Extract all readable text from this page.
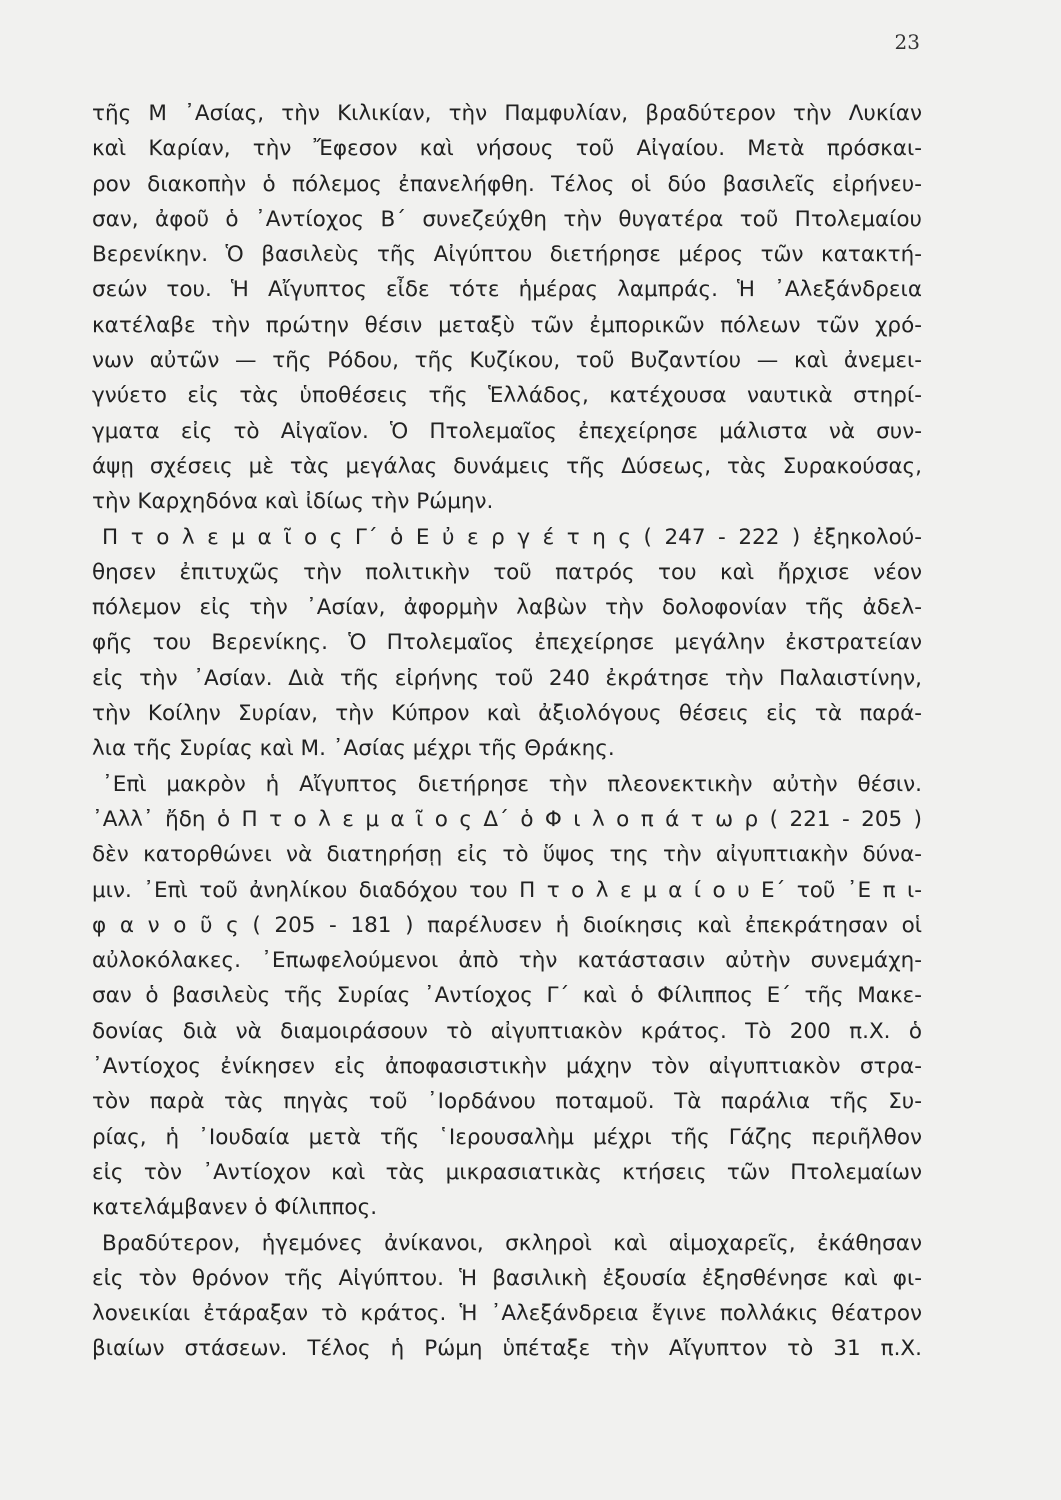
23
τῆς Μ ᾽Ασίας, τὴν Κιλικίαν, τὴν Παμφυλίαν, βραδύτερον τὴν Λυκίαν
καὶ Καρίαν, τὴν Ἔφεσον καὶ νήσους τοῦ Αἰγαίου. Μετὰ πρόσκαι-
ρον διακοπὴν ὁ πόλεμος ἐπανελήφθη. Τέλος οἱ δύο βασιλεῖς εἰρήνευ-
σαν, ἀφοῦ ὁ ᾽Αντίοχος Β΄ συνεζεύχθη τὴν θυγατέρα τοῦ Πτολεμαίου
Βερενίκην. Ὁ βασιλεὺς τῆς Αἰγύπτου διετήρησε μέρος τῶν κατακτή-
σεών του. Ἡ Αἴγυπτος εἶδε τότε ἡμέρας λαμπράς. Ἡ ᾽Αλεξάνδρεια
κατέλαβε τὴν πρώτην θέσιν μεταξὺ τῶν ἐμπορικῶν πόλεων τῶν χρό-
νων αὐτῶν — τῆς Ρόδου, τῆς Κυζίκου, τοῦ Βυζαντίου — καὶ ἀνεμει-
γνύετο εἰς τὰς ὑποθέσεις τῆς Ἑλλάδος, κατέχουσα ναυτικὰ στηρί-
γματα εἰς τὸ Αἰγαῖον. Ὁ Πτολεμαῖος ἐπεχείρησε μάλιστα νὰ συν-
άψῃ σχέσεις μὲ τὰς μεγάλας δυνάμεις τῆς Δύσεως, τὰς Συρακούσας,
τὴν Καρχηδόνα καὶ ἰδίως τὴν Ρώμην.
Π τ ο λ ε μ α ῖ ο ς Γ΄ ὁ Ε ὐ ε ρ γ έ τ η ς ( 247 - 222 ) ἐξηκολού-
θησεν ἐπιτυχῶς τὴν πολιτικὴν τοῦ πατρός του καὶ ἤρχισε νέον
πόλεμον εἰς τὴν ᾽Ασίαν, ἀφορμὴν λαβὼν τὴν δολοφονίαν τῆς ἀδελ-
φῆς του Βερενίκης. Ὁ Πτολεμαῖος ἐπεχείρησε μεγάλην ἐκστρατείαν
εἰς τὴν ᾽Ασίαν. Διὰ τῆς εἰρήνης τοῦ 240 ἐκράτησε τὴν Παλαιστίνην,
τὴν Κοίλην Συρίαν, τὴν Κύπρον καὶ ἀξιολόγους θέσεις εἰς τὰ παρά-
λια τῆς Συρίας καὶ Μ. ᾽Ασίας μέχρι τῆς Θράκης.
᾽Επὶ μακρὸν ἡ Αἴγυπτος διετήρησε τὴν πλεονεκτικὴν αὐτὴν θέσιν.
᾽Αλλ᾽ ἤδη ὁ Π τ ο λ ε μ α ῖ ο ς Δ΄ ὁ Φ ι λ ο π ά τ ω ρ ( 221 - 205 )
δὲν κατορθώνει νὰ διατηρήσῃ εἰς τὸ ὕψος της τὴν αἰγυπτιακὴν δύνα-
μιν. ᾽Επὶ τοῦ ἀνηλίκου διαδόχου του Π τ ο λ ε μ α ί ο υ Ε΄ τοῦ ᾽Ε π ι-
φ α ν ο ῦ ς ( 205 - 181 ) παρέλυσεν ἡ διοίκησις καὶ ἐπεκράτησαν οἱ
αὐλοκόλακες. ᾽Επωφελούμενοι ἀπὸ τὴν κατάστασιν αὐτὴν συνεμάχη-
σαν ὁ βασιλεὺς τῆς Συρίας ᾽Αντίοχος Γ΄ καὶ ὁ Φίλιππος Ε΄ τῆς Μακε-
δονίας διὰ νὰ διαμοιράσουν τὸ αἰγυπτιακὸν κράτος. Τὸ 200 π.Χ. ὁ
᾽Αντίοχος ἐνίκησεν εἰς ἀποφασιστικὴν μάχην τὸν αἰγυπτιακὸν στρα-
τὸν παρὰ τὰς πηγὰς τοῦ ᾽Ιορδάνου ποταμοῦ. Τὰ παράλια τῆς Συ-
ρίας, ἡ ᾽Ιουδαία μετὰ τῆς ῾Ιερουσαλὴμ μέχρι τῆς Γάζης περιῆλθον
εἰς τὸν ᾽Αντίοχον καὶ τὰς μικρασιατικὰς κτήσεις τῶν Πτολεμαίων
κατελάμβανεν ὁ Φίλιππος.
Βραδύτερον, ἡγεμόνες ἀνίκανοι, σκληροὶ καὶ αἱμοχαρεῖς, ἐκάθησαν
εἰς τὸν θρόνον τῆς Αἰγύπτου. Ἡ βασιλικὴ ἐξουσία ἐξησθένησε καὶ φι-
λονεικίαι ἐτάραξαν τὸ κράτος. Ἡ ᾽Αλεξάνδρεια ἔγινε πολλάκις θέατρον
βιαίων στάσεων. Τέλος ἡ Ρώμη ὑπέταξε τὴν Αἴγυπτον τὸ 31 π.Χ.
